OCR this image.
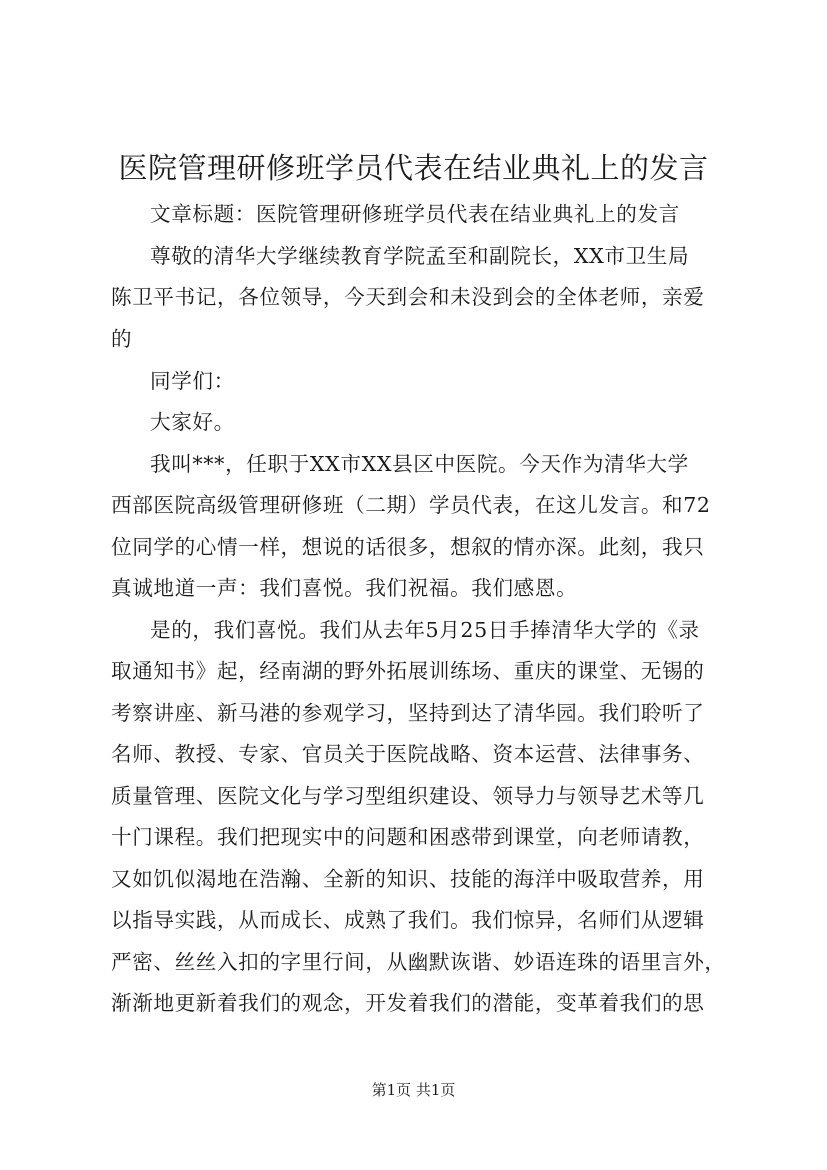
医院管理研修班学员代表在结业典礼上的发言
文章标题：医院管理研修班学员代表在结业典礼上的发言
尊敬的清华大学继续教育学院孟至和副院长，XX市卫生局
陈卫平书记，各位领导，今天到会和未没到会的全体老师，亲爱
的
同学们：
大家好。
我叫***，任职于XX市XX县区中医院。今天作为清华大学
西部医院高级管理研修班（二期）学员代表，在这儿发言。和72
位同学的心情一样，想说的话很多，想叙的情亦深。此刻，我只
真诚地道一声：我们喜悦。我们祝福。我们感恩。
是的，我们喜悦。我们从去年5月25日手捧清华大学的《录
取通知书》起，经南湖的野外拓展训练场、重庆的课堂、无锡的
考察讲座、新马港的参观学习，坚持到达了清华园。我们聆听了
名师、教授、专家、官员关于医院战略、资本运营、法律事务、
质量管理、医院文化与学习型组织建设、领导力与领导艺术等几
十门课程。我们把现实中的问题和困惑带到课堂，向老师请教，
又如饥似渴地在浩瀚、全新的知识、技能的海洋中吸取营养，用
以指导实践，从而成长、成熟了我们。我们惊异，名师们从逻辑
严密、丝丝入扣的字里行间，从幽默诙谐、妙语连珠的语里言外，
渐渐地更新着我们的观念，开发着我们的潜能，变革着我们的思
第1页 共1页
